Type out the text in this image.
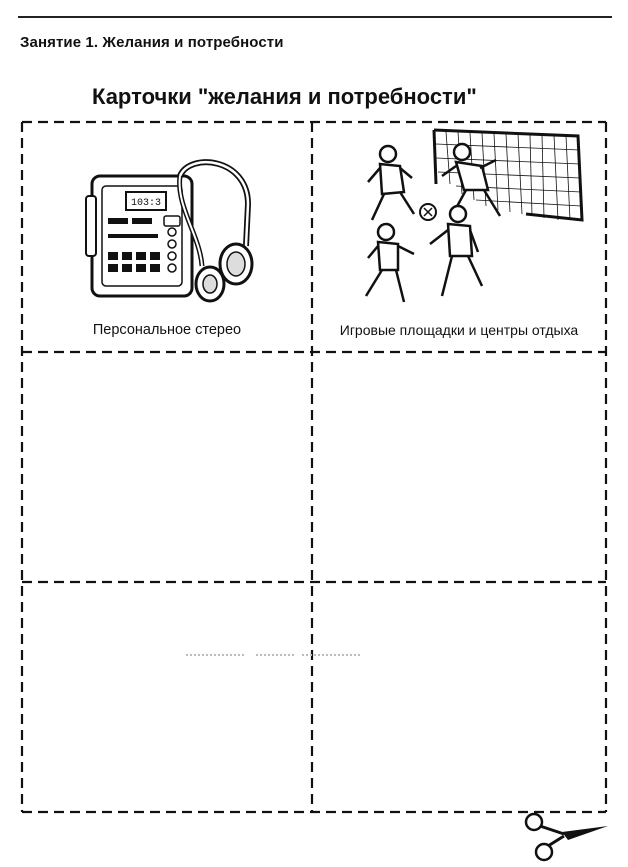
Занятие 1. Желания и потребности
Карточки "желания и потребности"
103:3
Персональное стерео	Игровые площадки и центры отдыха
